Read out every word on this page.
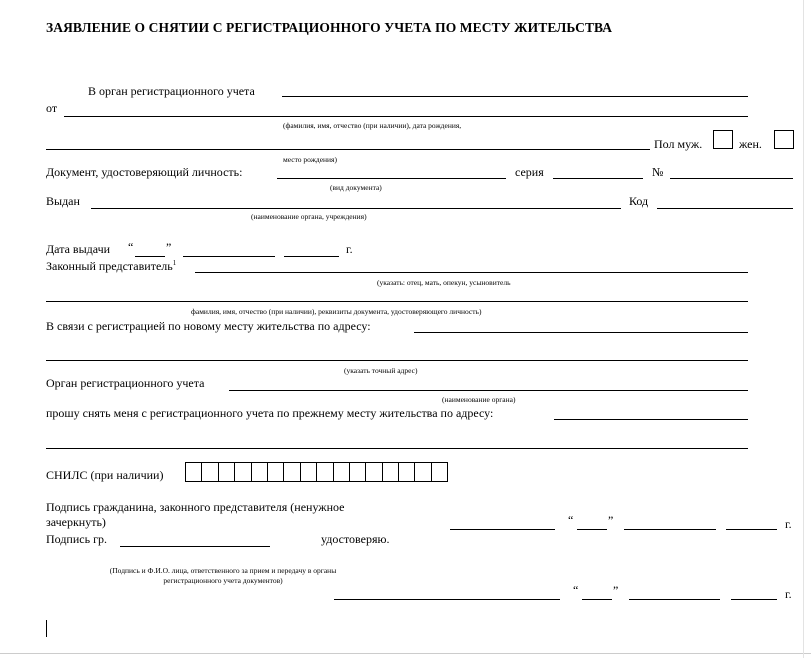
ЗАЯВЛЕНИЕ О СНЯТИИ С РЕГИСТРАЦИОННОГО УЧЕТА ПО МЕСТУ ЖИТЕЛЬСТВА
В орган регистрационного учета
от
(фамилия, имя, отчество (при наличии), дата рождения,
Пол муж.	жен.
место рождения)
Документ, удостоверяющий личность:	серия	№
(вид документа)
Выдан	Код
(наименование органа, учреждения)
Дата выдачи “	”	г.
Законный представитель$^1$
(указать: отец, мать, опекун, усыновитель
фамилия, имя, отчество (при наличии), реквизиты документа, удостоверяющего личность)
В связи с регистрацией по новому месту жительства по адресу:
(указать точный адрес)
Орган регистрационного учета
(наименование органа)
прошу снять меня с регистрационного учета по прежнему месту жительства по адресу:
СНИЛС (при наличии)
Подпись гражданина, законного представителя (ненужное
зачеркнуть)	“	”	г.
Подпись гр.	удостоверяю.
(Подпись и Ф.И.О. лица, ответственного за прием и передачу в органы регистрационного учета документов)
“	”	г.
